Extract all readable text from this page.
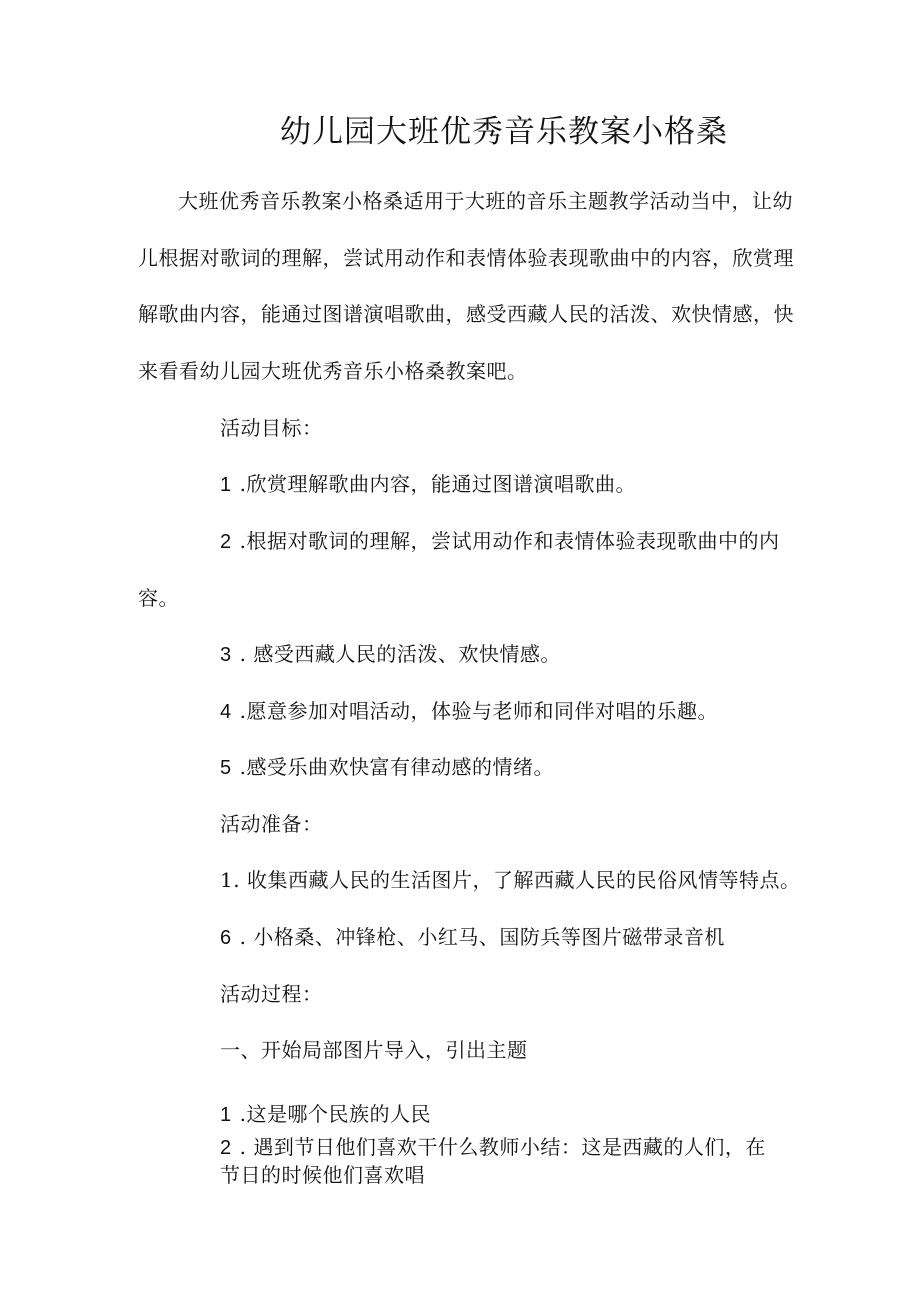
幼儿园大班优秀音乐教案小格桑
大班优秀音乐教案小格桑适用于大班的音乐主题教学活动当中，让幼
儿根据对歌词的理解，尝试用动作和表情体验表现歌曲中的内容，欣赏理
解歌曲内容，能通过图谱演唱歌曲，感受西藏人民的活泼、欢快情感，快
来看看幼儿园大班优秀音乐小格桑教案吧。
活动目标：
1 .欣赏理解歌曲内容，能通过图谱演唱歌曲。
2 .根据对歌词的理解，尝试用动作和表情体验表现歌曲中的内
容。
3 . 感受西藏人民的活泼、欢快情感。
4 .愿意参加对唱活动，体验与老师和同伴对唱的乐趣。
5 .感受乐曲欢快富有律动感的情绪。
活动准备：
1. 收集西藏人民的生活图片，了解西藏人民的民俗风情等特点。
6 . 小格桑、冲锋枪、小红马、国防兵等图片磁带录音机
活动过程：
一、开始局部图片导入，引出主题
1 .这是哪个民族的人民
2 . 遇到节日他们喜欢干什么教师小结：这是西藏的人们，在
节日的时候他们喜欢唱
